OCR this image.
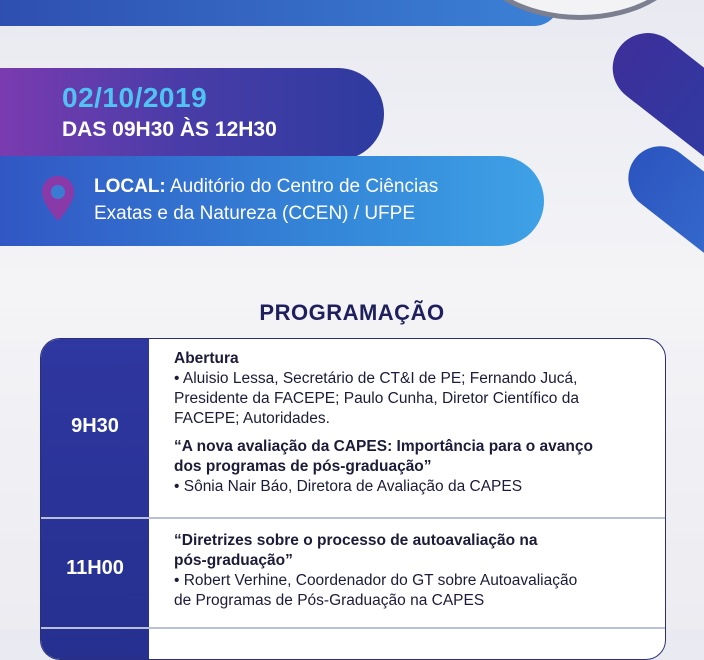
02/10/2019
DAS 09H30 ÀS 12H30
LOCAL: Auditório do Centro de Ciências
Exatas e da Natureza (CCEN) / UFPE
PROGRAMAÇÃO
9H30
11H00

Abertura

• Aluisio Lessa, Secretário de CT&I de PE; Fernando Jucá,

Presidente da FACEPE; Paulo Cunha, Diretor Científico da

FACEPE; Autoridades.

“A nova avaliação da CAPES: Importância para o avanço

dos programas de pós-graduação”

• Sônia Nair Báo, Diretora de Avaliação da CAPES

“Diretrizes sobre o processo de autoavaliação na

pós-graduação”

• Robert Verhine, Coordenador do GT sobre Autoavaliação

de Programas de Pós-Graduação na CAPES
